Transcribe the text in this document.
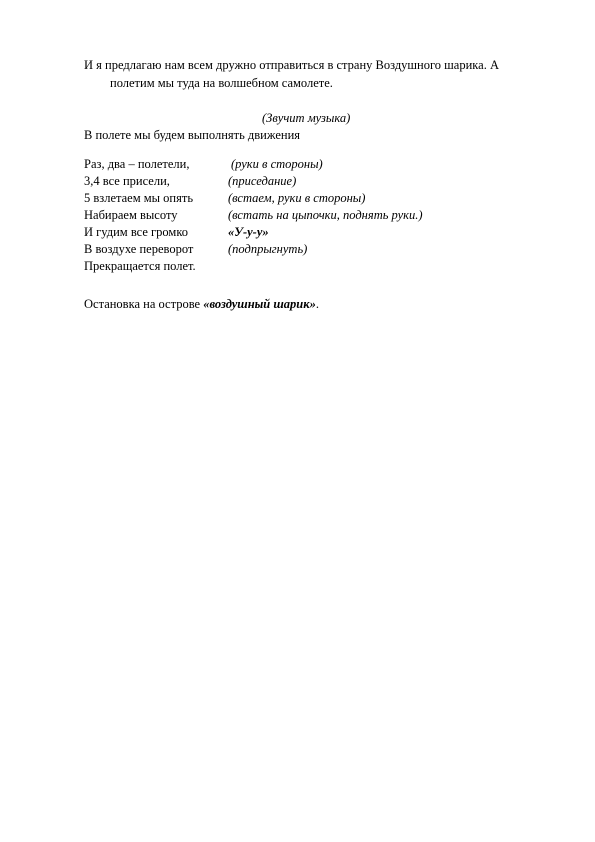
И я предлагаю нам всем дружно отправиться в страну Воздушного шарика. А
полетим мы туда на волшебном самолете.
(Звучит музыка)
В полете мы будем выполнять движения
Раз, два – полетели,	(руки в стороны)
3,4 все присели,	(приседание)
5 взлетаем мы опять	(встаем, руки в стороны)
Набираем высоту	(встать на цыпочки, поднять руки.)
И гудим все громко	«У-у-у»
В воздухе переворот	(подпрыгнуть)
Прекращается полет.
Остановка на острове «воздушный шарик».
